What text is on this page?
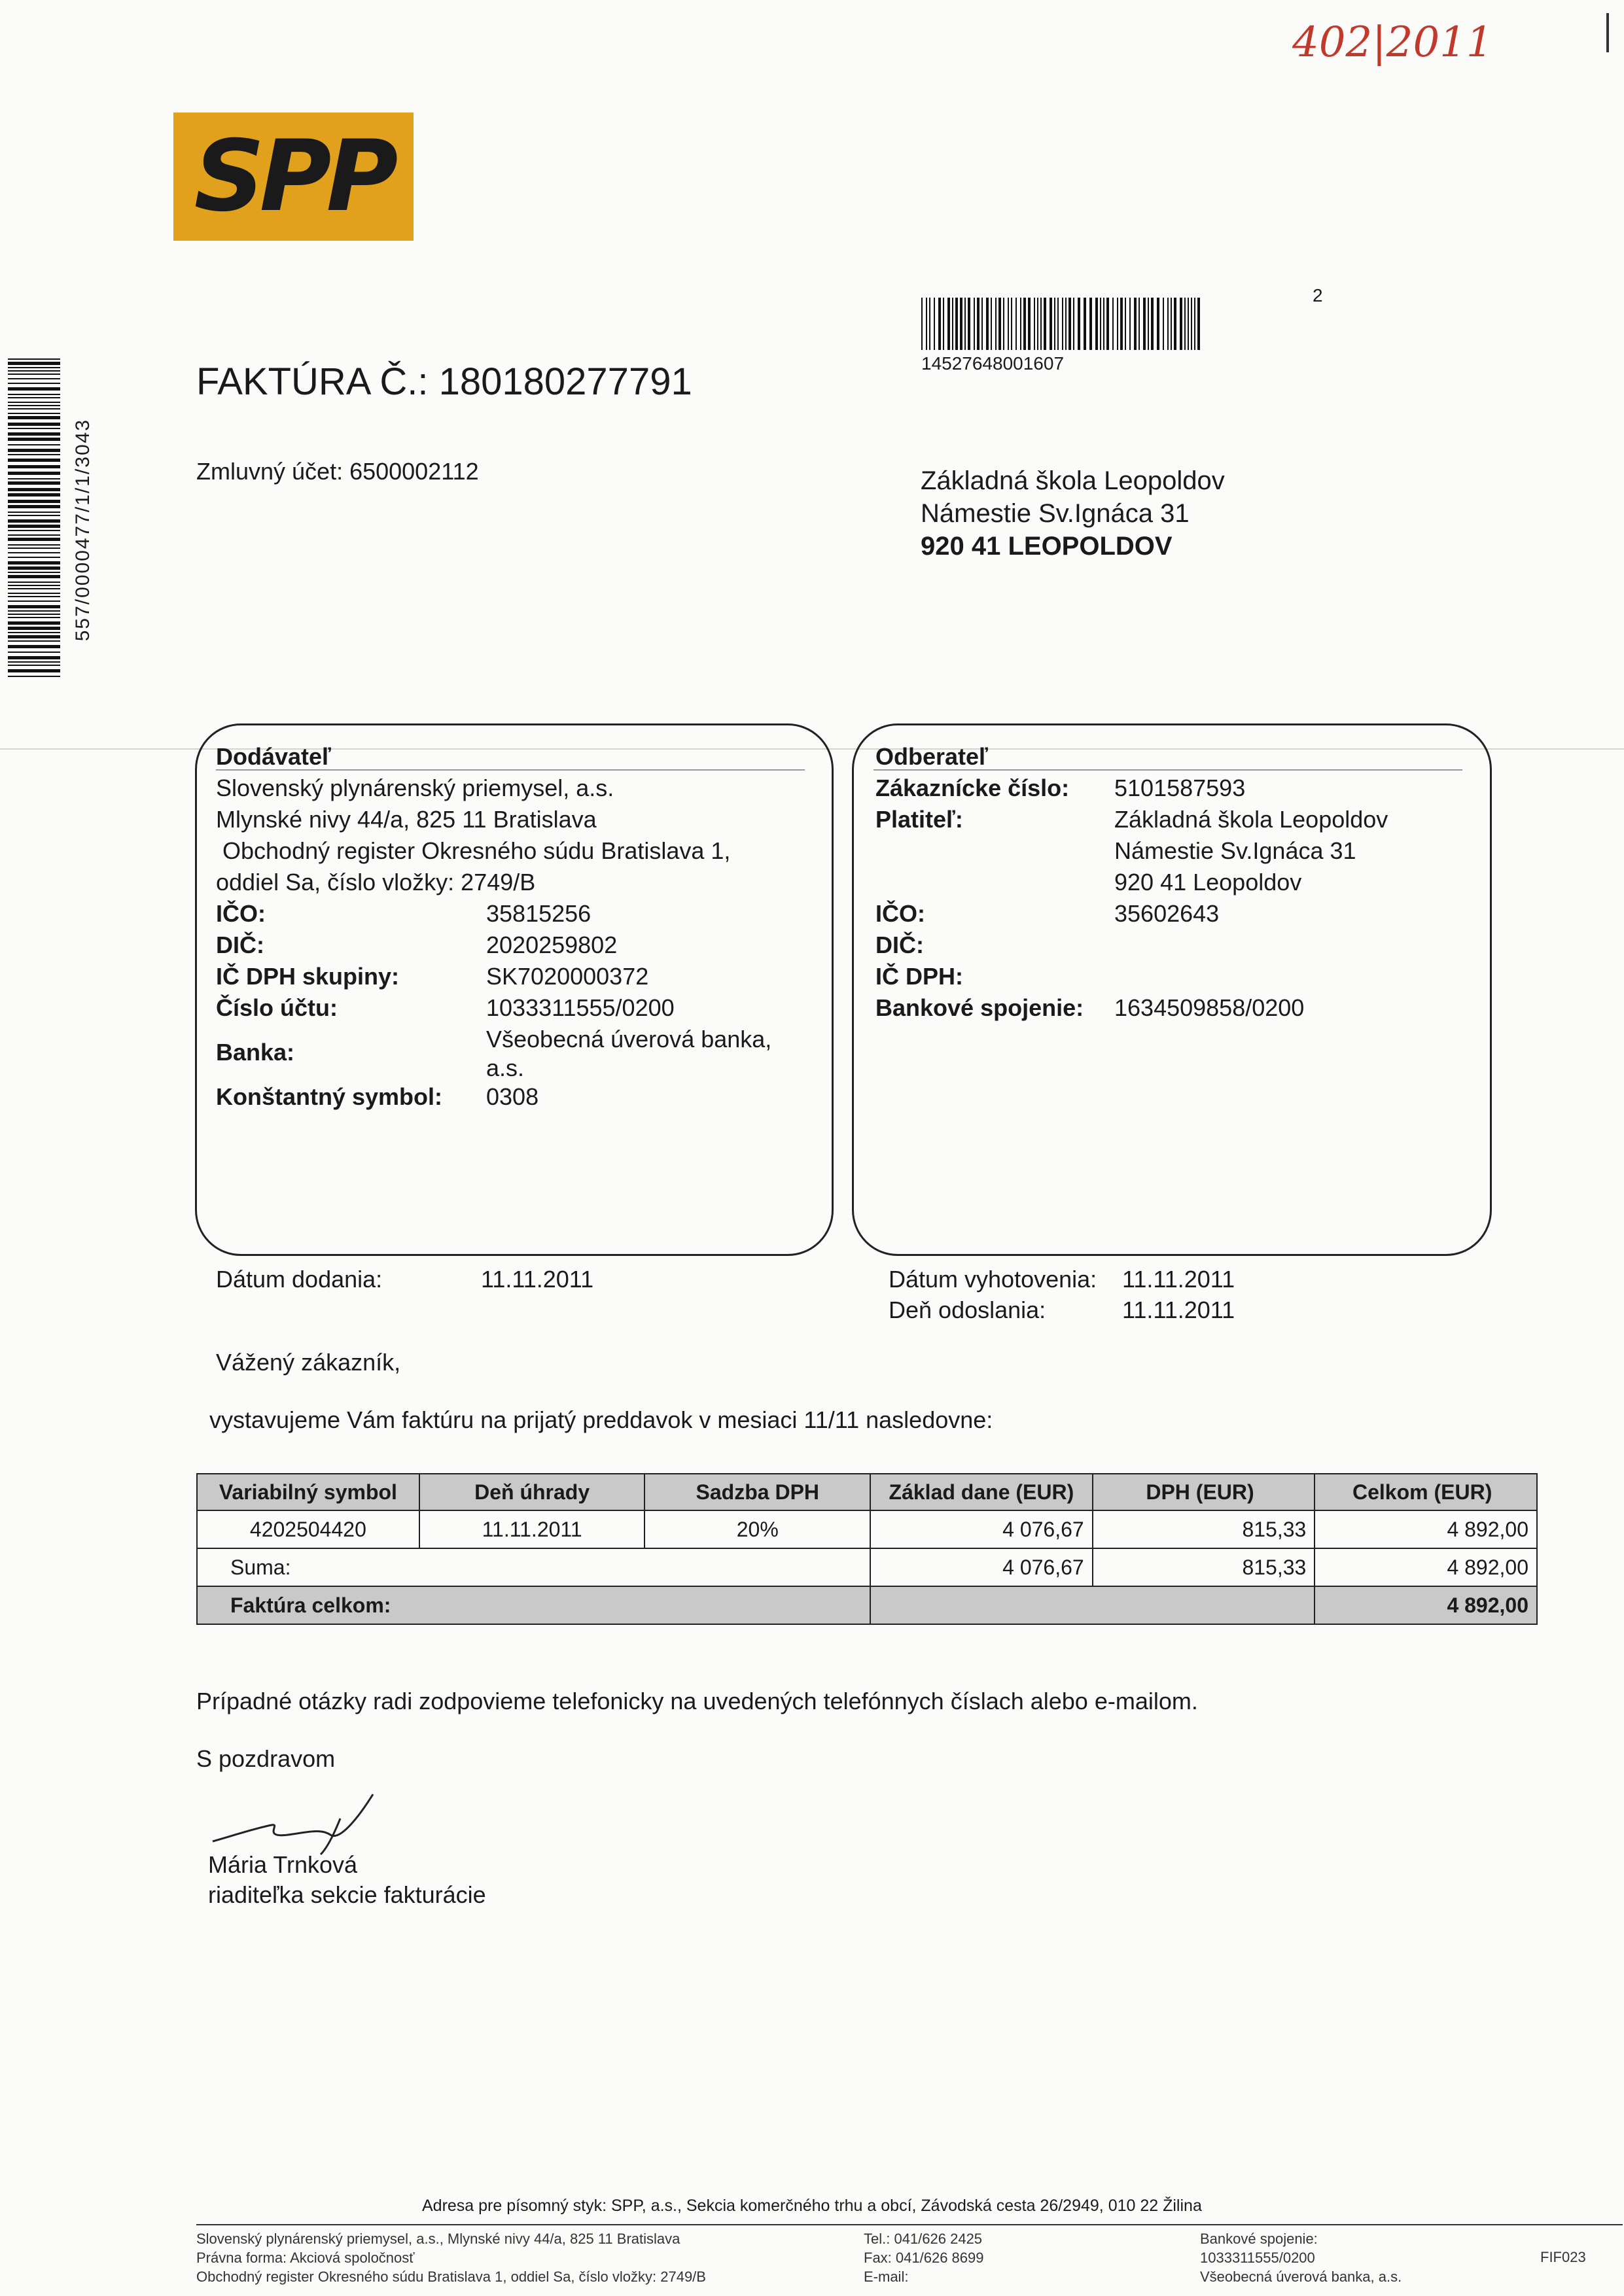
402|2011
SPP
14527648001607
2
557/0000477/1/1/3043
FAKTÚRA Č.: 180180277791
Zmluvný účet: 6500002112	Základná škola Leopoldov
Námestie Sv.Ignáca 31
920 41 LEOPOLDOV
Dodávateľ
Slovenský plynárenský priemysel, a.s.
Mlynské nivy 44/a, 825 11 Bratislava
Obchodný register Okresného súdu Bratislava 1,
oddiel Sa, číslo vložky: 2749/B
IČO:	35815256
DIČ:	2020259802
IČ DPH skupiny:	SK7020000372
Číslo účtu:	1033311555/0200
Banka:	Všeobecná úverová banka,
a.s.
Konštantný symbol:	0308
Odberateľ
Zákaznícke číslo:	5101587593
Platiteľ:	Základná škola Leopoldov
Námestie Sv.Ignáca 31
920 41 Leopoldov
IČO:	35602643
DIČ:
IČ DPH:
Bankové spojenie:	1634509858/0200
Dátum dodania:	11.11.2011	Dátum vyhotovenia: 11.11.2011
Deň odoslania:	11.11.2011
Vážený zákazník,
vystavujeme Vám faktúru na prijatý preddavok v mesiaci 11/11 nasledovne:
Variabilný symbol	Deň úhrady	Sadzba DPH	Základ dane (EUR)	DPH (EUR)	Celkom (EUR)
4202504420	11.11.2011	20%	4 076,67	815,33	4 892,00
Suma:			4 076,67	815,33	4 892,00
Faktúra celkom:					4 892,00
Prípadné otázky radi zodpovieme telefonicky na uvedených telefónnych číslach alebo e-mailom.
S pozdravom
Mária Trnková
riaditeľka sekcie fakturácie
Adresa pre písomný styk: SPP, a.s., Sekcia komerčného trhu a obcí, Závodská cesta 26/2949, 010 22 Žilina
Slovenský plynárenský priemysel, a.s., Mlynské nivy 44/a, 825 11 Bratislava
Právna forma: Akciová spoločnosť
Obchodný register Okresného súdu Bratislava 1, oddiel Sa, číslo vložky: 2749/B
Tel.: 041/626 2425
Fax: 041/626 8699
E-mail:
Bankové spojenie:
1033311555/0200
Všeobecná úverová banka, a.s.
FIF023
